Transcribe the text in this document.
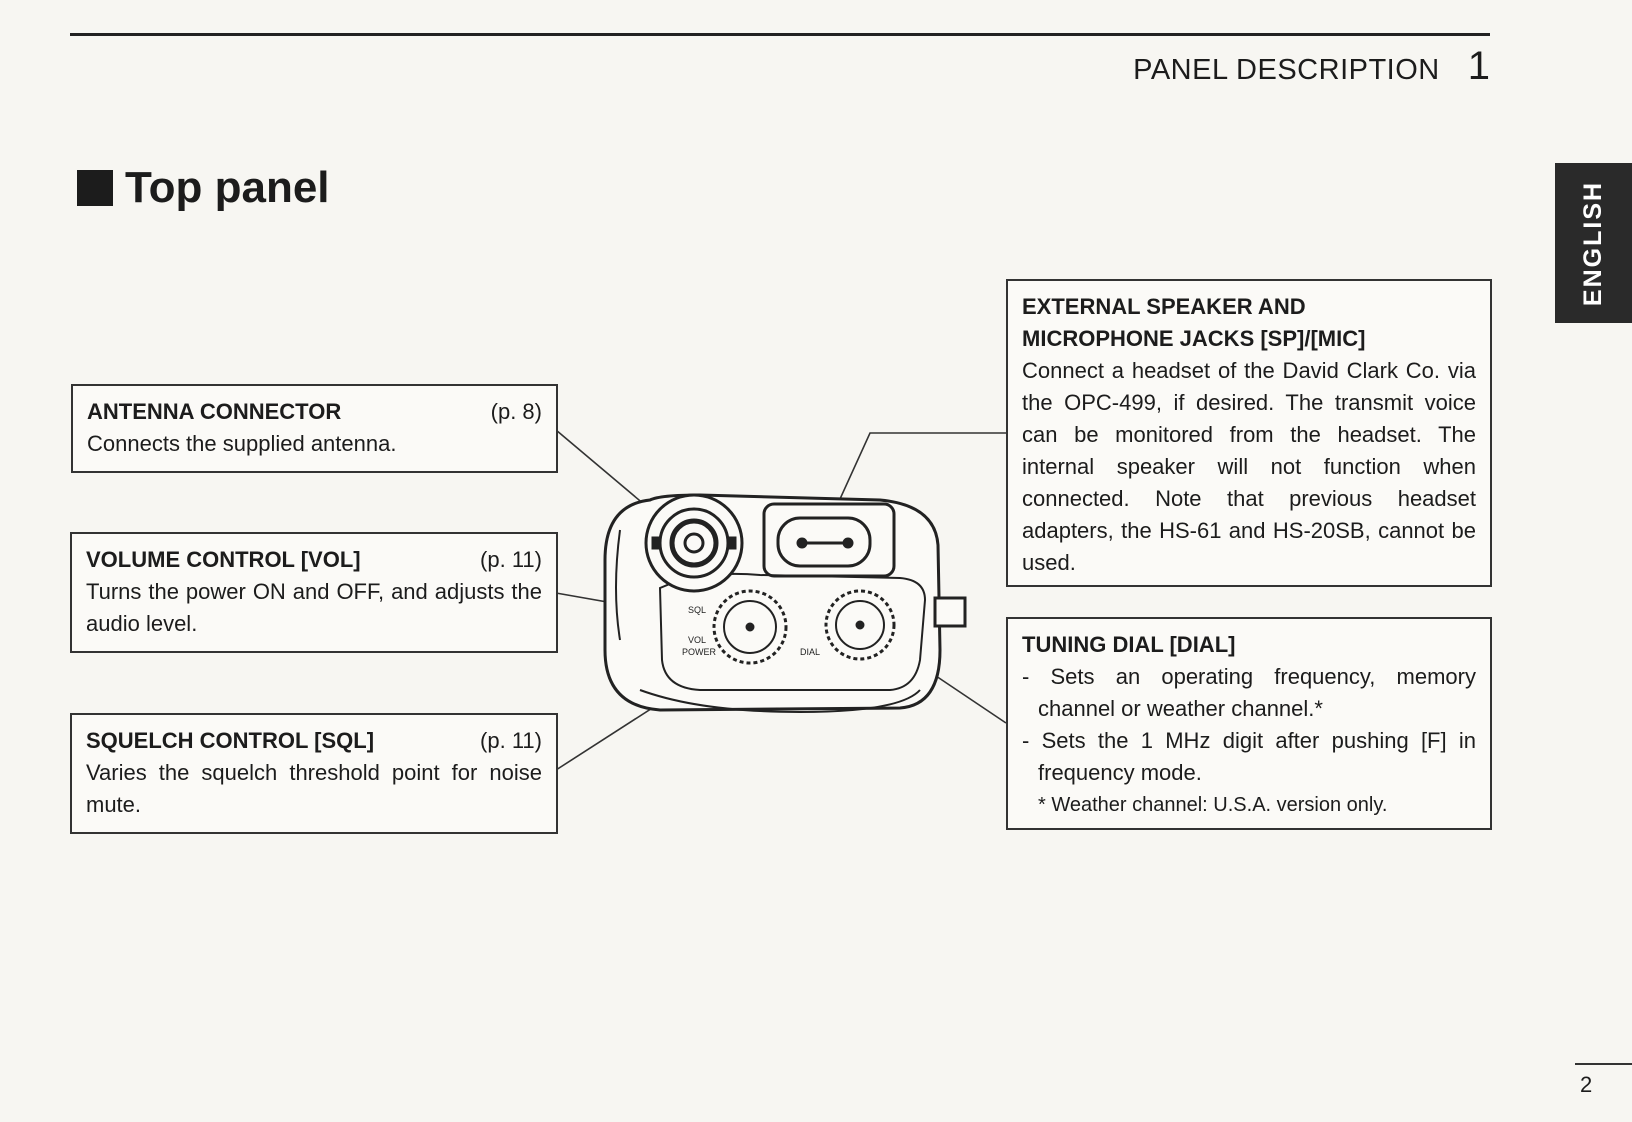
PANEL DESCRIPTION 1
Top panel	ENGLISH
SQL
VOL
POWER	DIAL
ANTENNA CONNECTOR	(p. 8)
Connects the supplied antenna.
VOLUME CONTROL [VOL]	(p. 11)
Turns the power ON and OFF, and adjusts the audio level.
SQUELCH CONTROL [SQL]	(p. 11)
Varies the squelch threshold point for noise mute.
EXTERNAL SPEAKER AND
MICROPHONE JACKS [SP]/[MIC]
Connect a headset of the David Clark Co. via the OPC-499, if desired. The transmit voice can be monitored from the headset. The internal speaker will not function when connected. Note that previous headset adapters, the HS-61 and HS-20SB, cannot be used.
TUNING DIAL [DIAL]
- Sets an operating frequency, memory channel or weather channel.*
- Sets the 1 MHz digit after pushing [F] in frequency mode.
* Weather channel: U.S.A. version only.
2
